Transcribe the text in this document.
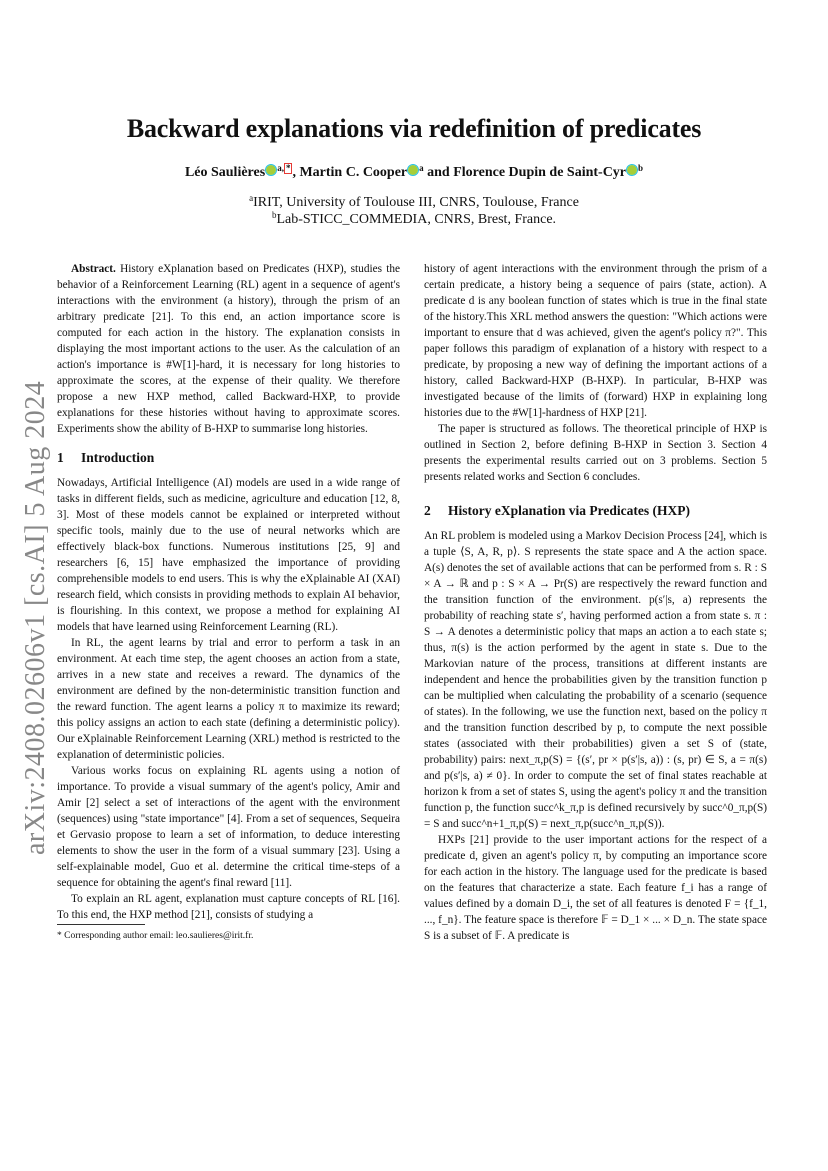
arXiv:2408.02606v1 [cs.AI] 5 Aug 2024
Backward explanations via redefinition of predicates
Léo Saulières $^{a,}$ * , Martin C. Cooper $^a$ and Florence Dupin de Saint-Cyr $^b$
$^a$IRIT, University of Toulouse III, CNRS, Toulouse, France
$^b$Lab-STICC_COMMEDIA, CNRS, Brest, France.

Abstract. History eXplanation based on Predicates (HXP), studies the behavior of a Reinforcement Learning (RL) agent in a sequence of agent's interactions with the environment (a history), through the prism of an arbitrary predicate [21]. To this end, an action importance score is computed for each action in the history. The explanation consists in displaying the most important actions to the user. As the calculation of an action's importance is #W[1]-hard, it is necessary for long histories to approximate the scores, at the expense of their quality. We therefore propose a new HXP method, called Backward-HXP, to provide explanations for these histories without having to approximate scores. Experiments show the ability of B-HXP to summarise long histories.

1 Introduction

Nowadays, Artificial Intelligence (AI) models are used in a wide range of tasks in different fields, such as medicine, agriculture and education [12, 8, 3]. Most of these models cannot be explained or interpreted without specific tools, mainly due to the use of neural networks which are effectively black-box functions. Numerous institutions [25, 9] and researchers [6, 15] have emphasized the importance of providing comprehensible models to end users. This is why the eXplainable AI (XAI) research field, which consists in providing methods to explain AI behavior, is flourishing. In this context, we propose a method for explaining AI models that have learned using Reinforcement Learning (RL).

In RL, the agent learns by trial and error to perform a task in an environment. At each time step, the agent chooses an action from a state, arrives in a new state and receives a reward. The dynamics of the environment are defined by the non-deterministic transition function and the reward function. The agent learns a policy π to maximize its reward; this policy assigns an action to each state (defining a deterministic policy). Our eXplainable Reinforcement Learning (XRL) method is restricted to the explanation of deterministic policies.

Various works focus on explaining RL agents using a notion of importance. To provide a visual summary of the agent's policy, Amir and Amir [2] select a set of interactions of the agent with the environment (sequences) using "state importance" [4]. From a set of sequences, Sequeira et Gervasio propose to learn a set of information, to deduce interesting elements to show the user in the form of a visual summary [23]. Using a self-explainable model, Guo et al. determine the critical time-steps of a sequence for obtaining the agent's final reward [11].

To explain an RL agent, explanation must capture concepts of RL [16]. To this end, the HXP method [21], consists of studying a

* Corresponding author email: leo.saulieres@irit.fr.

history of agent interactions with the environment through the prism of a certain predicate, a history being a sequence of pairs (state, action). A predicate d is any boolean function of states which is true in the final state of the history.This XRL method answers the question: "Which actions were important to ensure that d was achieved, given the agent's policy π?". This paper follows this paradigm of explanation of a history with respect to a predicate, by proposing a new way of defining the important actions of a history, called Backward-HXP (B-HXP). In particular, B-HXP was investigated because of the limits of (forward) HXP in explaining long histories due to the #W[1]-hardness of HXP [21].

The paper is structured as follows. The theoretical principle of HXP is outlined in Section 2, before defining B-HXP in Section 3. Section 4 presents the experimental results carried out on 3 problems. Section 5 presents related works and Section 6 concludes.

2 History eXplanation via Predicates (HXP)

An RL problem is modeled using a Markov Decision Process [24], which is a tuple ⟨S, A, R, p⟩. S represents the state space and A the action space. A(s) denotes the set of available actions that can be performed from s. R : S × A → ℝ and p : S × A → Pr(S) are respectively the reward function and the transition function of the environment. p(s′|s, a) represents the probability of reaching state s′, having performed action a from state s. π : S → A denotes a deterministic policy that maps an action a to each state s; thus, π(s) is the action performed by the agent in state s. Due to the Markovian nature of the process, transitions at different instants are independent and hence the probabilities given by the transition function p can be multiplied when calculating the probability of a scenario (sequence of states). In the following, we use the function next, based on the policy π and the transition function described by p, to compute the next possible states (associated with their probabilities) given a set S of (state, probability) pairs: next_π,p(S) = {(s′, pr × p(s′|s, a)) : (s, pr) ∈ S, a = π(s) and p(s′|s, a) ≠ 0}. In order to compute the set of final states reachable at horizon k from a set of states S, using the agent's policy π and the transition function p, the function succ^k_π,p is defined recursively by succ^0_π,p(S) = S and succ^n+1_π,p(S) = next_π,p(succ^n_π,p(S)).

HXPs [21] provide to the user important actions for the respect of a predicate d, given an agent's policy π, by computing an importance score for each action in the history. The language used for the predicate is based on the features that characterize a state. Each feature f_i has a range of values defined by a domain D_i, the set of all features is denoted F = {f_1, ..., f_n}. The feature space is therefore 𝔽 = D_1 × ... × D_n. The state space S is a subset of 𝔽. A predicate is
